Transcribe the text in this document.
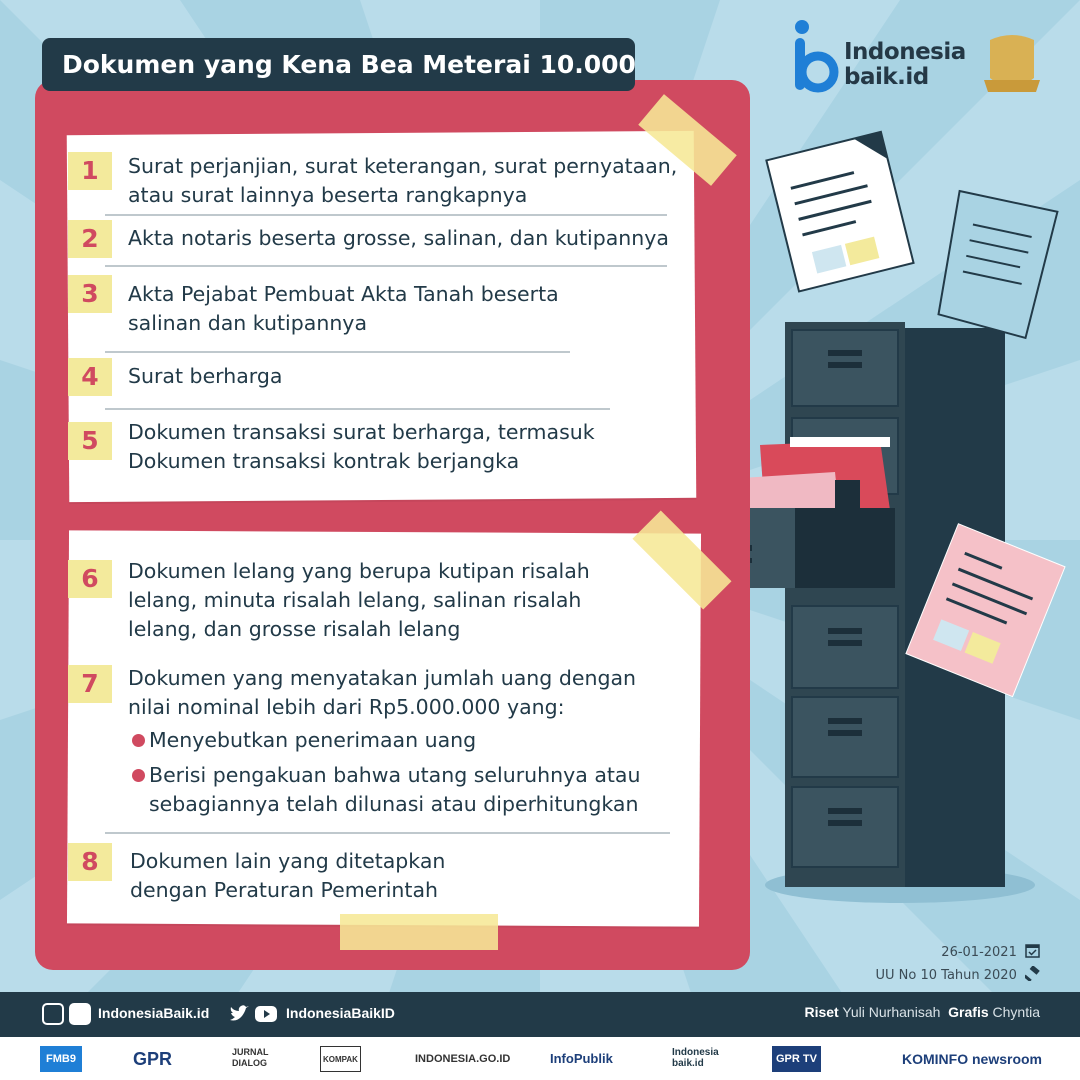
Dokumen yang Kena Bea Meterai 10.000	Indonesia
baik.id
1	Surat perjanjian, surat keterangan, surat pernyataan,
atau surat lainnya beserta rangkapnya
2	Akta notaris beserta grosse, salinan, dan kutipannya
3	Akta Pejabat Pembuat Akta Tanah beserta
salinan dan kutipannya
4	Surat berharga
5	Dokumen transaksi surat berharga, termasuk
Dokumen transaksi kontrak berjangka
6	Dokumen lelang yang berupa kutipan risalah
lelang, minuta risalah lelang, salinan risalah
lelang, dan grosse risalah lelang
7	Dokumen yang menyatakan jumlah uang dengan
nilai nominal lebih dari Rp5.000.000 yang:
Menyebutkan penerimaan uang
Berisi pengakuan bahwa utang seluruhnya atau
sebagiannya telah dilunasi atau diperhitungkan
8	Dokumen lain yang ditetapkan
dengan Peraturan Pemerintah
26-01-2021
UU No 10 Tahun 2020
IndonesiaBaik.id	IndonesiaBaikID	Riset Yuli Nurhanisah Grafis Chyntia
FMB9	GPR	JURNAL DIALOG	KOMPAK	INDONESIA.GO.ID	InfoPublik	Indonesia baik.id	GPR TV	KOMINFO newsroom
